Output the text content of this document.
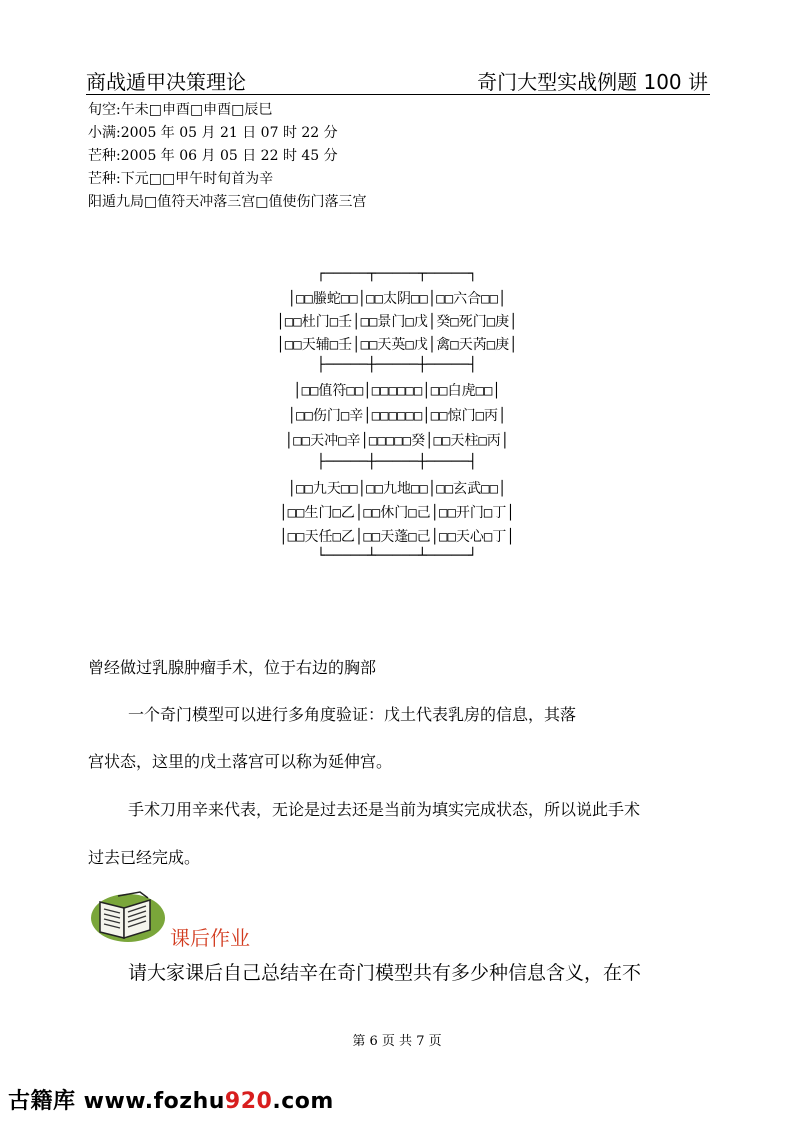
商战遁甲决策理论	奇门大型实战例题 100 讲
旬空:午未□申酉□申酉□辰巳
小满:2005 年 05 月 21 日 07 时 22 分
芒种:2005 年 06 月 05 日 22 时 45 分
芒种:下元□□甲午时旬首为辛
阳遁九局□值符天冲落三宫□值使伤门落三宫
┌─────┬─────┬─────┐
│□□螣蛇□□│□□太阴□□│□□六合□□│
│□□杜门□壬│□□景门□戊│癸□死门□庚│
│□□天辅□壬│□□天英□戊│禽□天芮□庚│
├─────┼─────┼─────┤
│□□值符□□│□□□□□□│□□白虎□□│
│□□伤门□辛│□□□□□□│□□惊门□丙│
│□□天冲□辛│□□□□□癸│□□天柱□丙│
├─────┼─────┼─────┤
│□□九天□□│□□九地□□│□□玄武□□│
│□□生门□乙│□□休门□己│□□开门□丁│
│□□天任□乙│□□天蓬□己│□□天心□丁│
└─────┴─────┴─────┘
曾经做过乳腺肿瘤手术，位于右边的胸部
一个奇门模型可以进行多角度验证：戊土代表乳房的信息，其落
宫状态，这里的戊土落宫可以称为延伸宫。
手术刀用辛来代表，无论是过去还是当前为填实完成状态，所以说此手术
过去已经完成。
课后作业
请大家课后自己总结辛在奇门模型共有多少种信息含义，在不
第 6 页 共 7 页
古籍库 www.fozhu920.com
